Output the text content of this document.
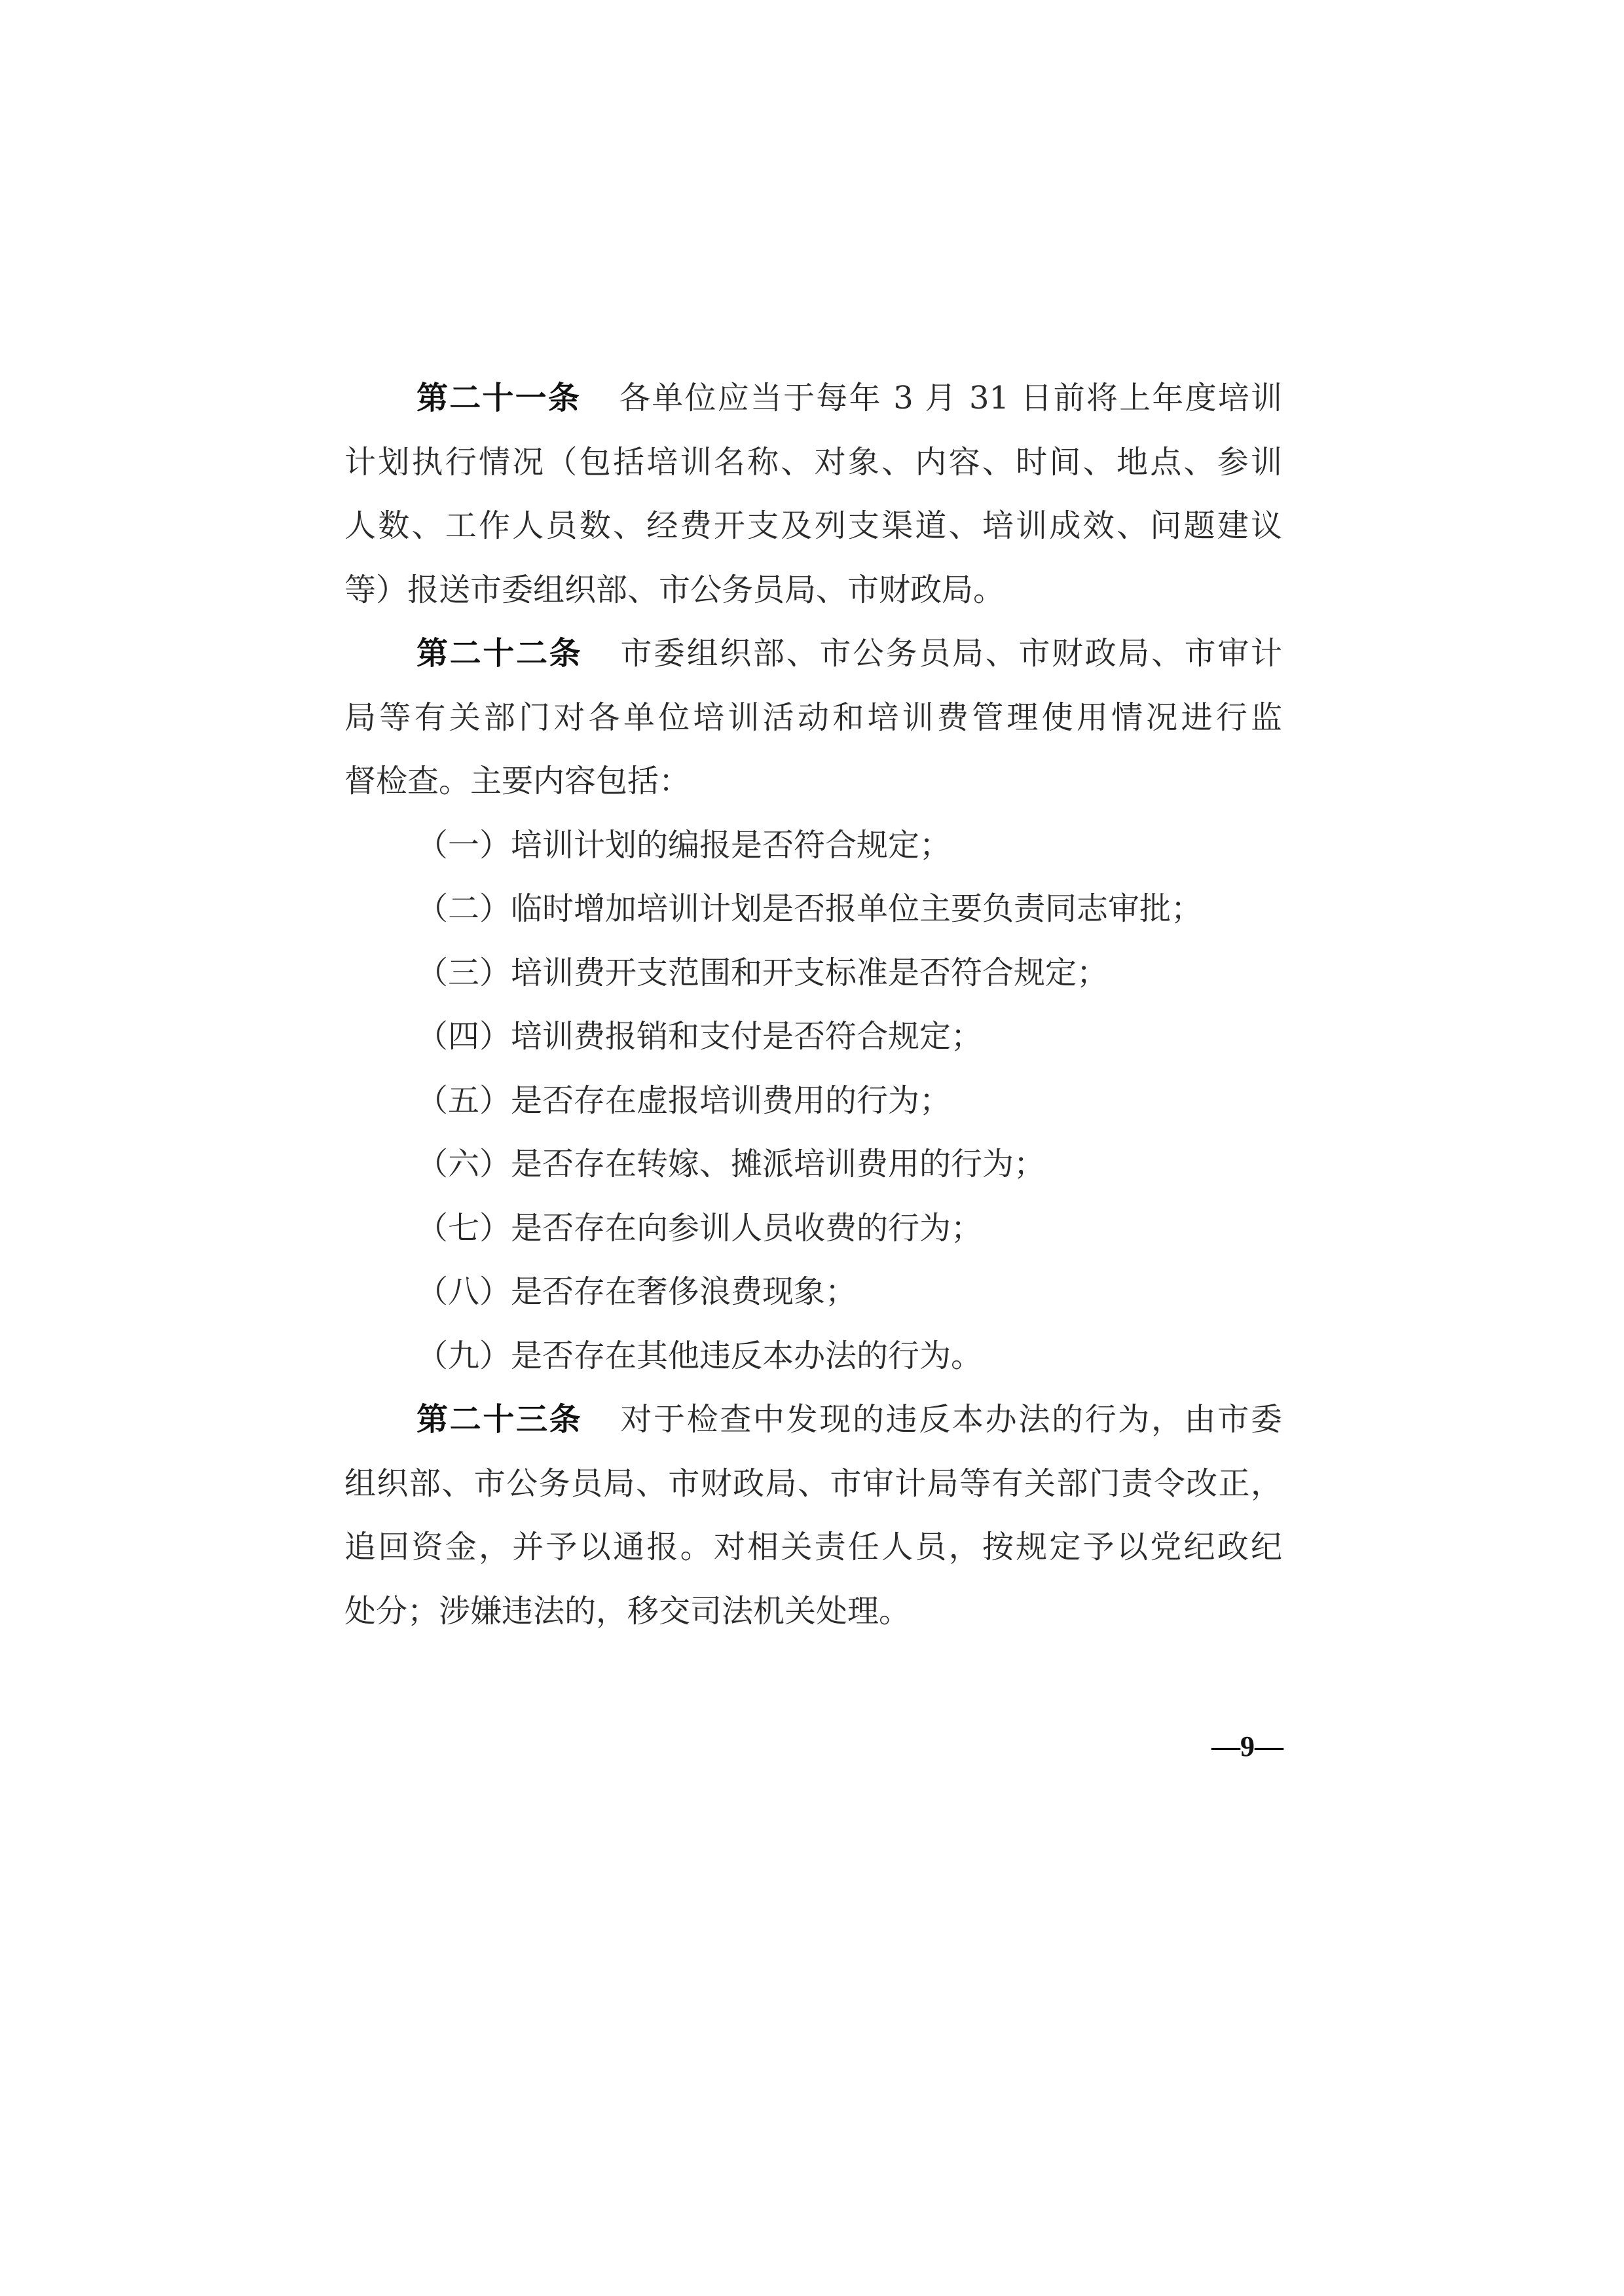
第二十一条 各单位应当于每年 3 月 31 日前将上年度培训
计划执行情况（包括培训名称、对象、内容、时间、地点、参训
人数、工作人员数、经费开支及列支渠道、培训成效、问题建议
等）报送市委组织部、市公务员局、市财政局。
第二十二条 市委组织部、市公务员局、市财政局、市审计
局等有关部门对各单位培训活动和培训费管理使用情况进行监
督检查。主要内容包括：
（一）培训计划的编报是否符合规定；
（二）临时增加培训计划是否报单位主要负责同志审批；
（三）培训费开支范围和开支标准是否符合规定；
（四）培训费报销和支付是否符合规定；
（五）是否存在虚报培训费用的行为；
（六）是否存在转嫁、摊派培训费用的行为；
（七）是否存在向参训人员收费的行为；
（八）是否存在奢侈浪费现象；
（九）是否存在其他违反本办法的行为。
第二十三条 对于检查中发现的违反本办法的行为，由市委
组织部、市公务员局、市财政局、市审计局等有关部门责令改正，
追回资金，并予以通报。对相关责任人员，按规定予以党纪政纪
处分；涉嫌违法的，移交司法机关处理。
—9—
